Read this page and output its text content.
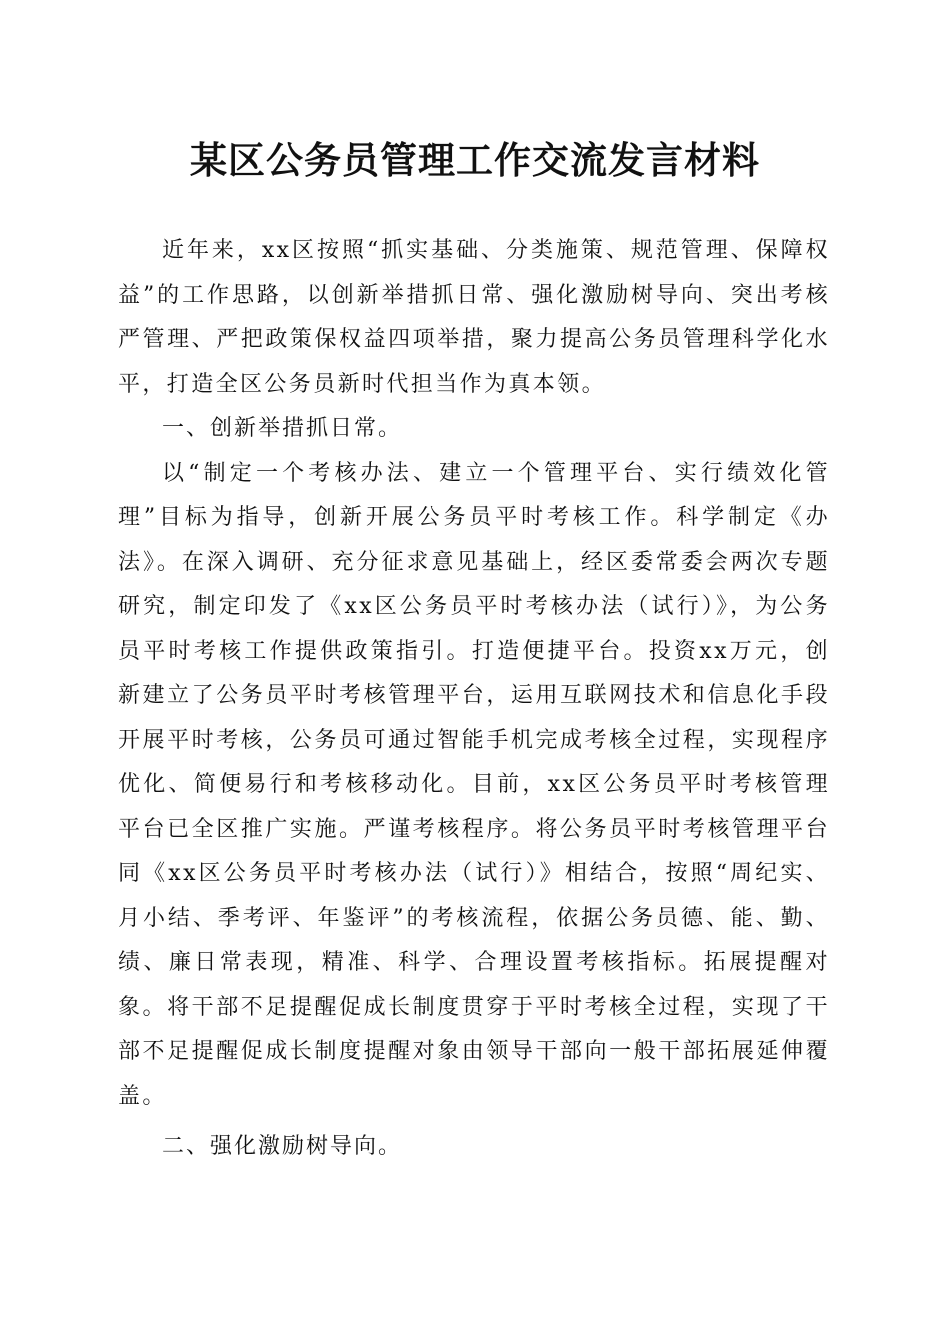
某区公务员管理工作交流发言材料

近年来，xx区按照“抓实基础、分类施策、规范管理、保障权益”的工作思路，以创新举措抓日常、强化激励树导向、突出考核严管理、严把政策保权益四项举措，聚力提高公务员管理科学化水平，打造全区公务员新时代担当作为真本领。

一、创新举措抓日常。

以“制定一个考核办法、建立一个管理平台、实行绩效化管理”目标为指导，创新开展公务员平时考核工作。科学制定《办法》。在深入调研、充分征求意见基础上，经区委常委会两次专题研究，制定印发了《xx区公务员平时考核办法（试行）》，为公务员平时考核工作提供政策指引。打造便捷平台。投资xx万元，创新建立了公务员平时考核管理平台，运用互联网技术和信息化手段开展平时考核，公务员可通过智能手机完成考核全过程，实现程序优化、简便易行和考核移动化。目前，xx区公务员平时考核管理平台已全区推广实施。严谨考核程序。将公务员平时考核管理平台同《xx区公务员平时考核办法（试行）》相结合，按照“周纪实、月小结、季考评、年鉴评”的考核流程，依据公务员德、能、勤、绩、廉日常表现，精准、科学、合理设置考核指标。拓展提醒对象。将干部不足提醒促成长制度贯穿于平时考核全过程，实现了干部不足提醒促成长制度提醒对象由领导干部向一般干部拓展延伸覆盖。

二、强化激励树导向。
